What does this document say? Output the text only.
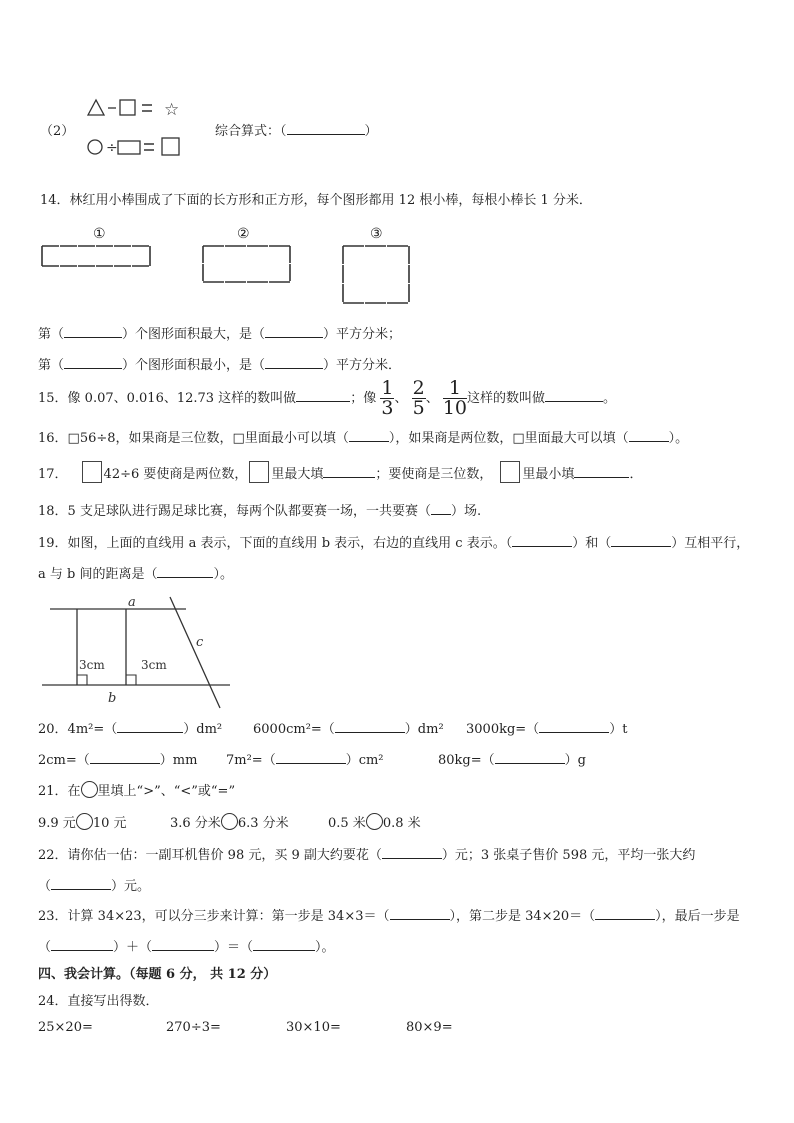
（2）
☆
÷
综合算式：（	）
14．林红用小棒围成了下面的长方形和正方形，每个图形都用 12 根小棒，每根小棒长 1 分米．
①	②	③
第（	）个图形面积最大，是（	）平方分米；
第（	）个图形面积最小，是（	）平方分米．
15．像 0.07、0.016、12.73 这样的数叫做	；像 $\frac{1}{3}$ 、 $\frac{2}{5}$ 、 $\frac{1}{10}$ 这样的数叫做	。
16．□56÷8，如果商是三位数，□里面最小可以填（	），如果商是两位数，□里面最大可以填（	）。
17．	42÷6 要使商是两位数， 里最大填	；要使商是三位数， 里最小填	．
18．5 支足球队进行踢足球比赛，每两个队都要赛一场，一共要赛（ ）场.
19．如图，上面的直线用 a 表示，下面的直线用 b 表示，右边的直线用 c 表示。（	）和（	）互相平行，
a 与 b 间的距离是（	）。
a
b
c
3cm	3cm
20．4m²=（	）dm² 6000cm²=（	）dm² 3000kg=（	）t
2cm=（	）mm 7m²=（	）cm²	80kg=（	）g
21．在 里填上“>”、“<”或“=”
9.9 元 10 元	3.6 分米 6.3 分米	0.5 米 0.8 米
22．请你估一估：一副耳机售价 98 元，买 9 副大约要花（	）元；3 张桌子售价 598 元，平均一张大约
（	）元。
23．计算 34×23，可以分三步来计算：第一步是 34×3＝（	），第二步是 34×20＝（	），最后一步是
（	）＋（	）＝（	）。
四、我会计算。（每题 6 分， 共 12 分）
24．直接写出得数．
25×20=	270÷3=	30×10=	80×9=
